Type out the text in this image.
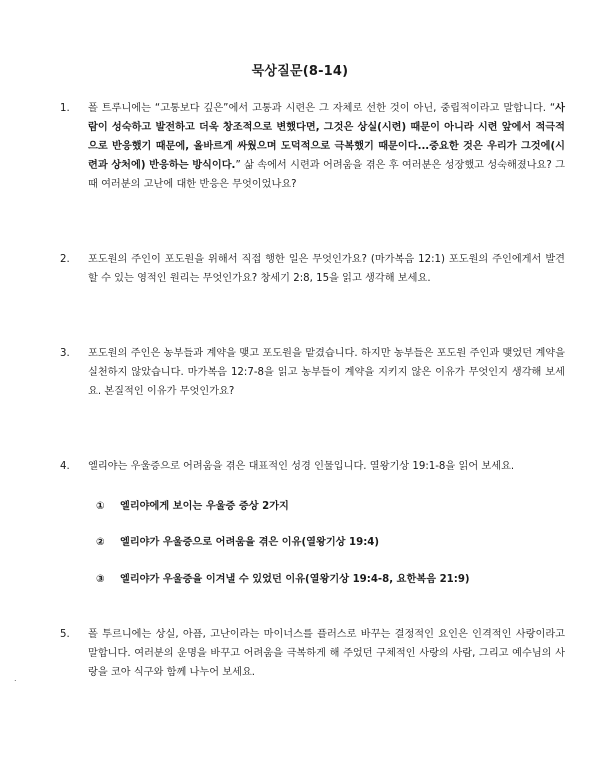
묵상질문(8-14)
1.	폴 트루니에는 “고통보다 깊은”에서 고통과 시련은 그 자체로 선한 것이 아닌, 중립적이라고 말합니다. “사람이 성숙하고 발전하고 더욱 창조적으로 변했다면, 그것은 상실(시련) 때문이 아니라 시련 앞에서 적극적으로 반응했기 때문에, 올바르게 싸웠으며 도덕적으로 극복했기 때문이다...중요한 것은 우리가 그것에(시련과 상처에) 반응하는 방식이다.” 삶 속에서 시련과 어려움을 겪은 후 여러분은 성장했고 성숙해졌나요? 그때 여러분의 고난에 대한 반응은 무엇이었나요?
2.	포도원의 주인이 포도원을 위해서 직접 행한 일은 무엇인가요? (마가복음 12:1) 포도원의 주인에게서 발견할 수 있는 영적인 원리는 무엇인가요? 창세기 2:8, 15을 읽고 생각해 보세요.
3.	포도원의 주인은 농부들과 계약을 맺고 포도원을 맡겼습니다. 하지만 농부들은 포도원 주인과 맺었던 계약을 실천하지 않았습니다. 마가복음 12:7-8을 읽고 농부들이 계약을 지키지 않은 이유가 무엇인지 생각해 보세요. 본질적인 이유가 무엇인가요?
4.	엘리야는 우울증으로 어려움을 겪은 대표적인 성경 인물입니다. 열왕기상 19:1-8을 읽어 보세요.
① 엘리야에게 보이는 우울증 증상 2가지
② 엘리야가 우울증으로 어려움을 겪은 이유(열왕기상 19:4)
③ 엘리야가 우울증을 이겨낼 수 있었던 이유(열왕기상 19:4-8, 요한복음 21:9)
5.	폴 투르니에는 상실, 아픔, 고난이라는 마이너스를 플러스로 바꾸는 결정적인 요인은 인격적인 사랑이라고 말합니다. 여러분의 운명을 바꾸고 어려움을 극복하게 해 주었던 구체적인 사랑의 사람, 그리고 예수님의 사랑을 코아 식구와 함께 나누어 보세요.
.
